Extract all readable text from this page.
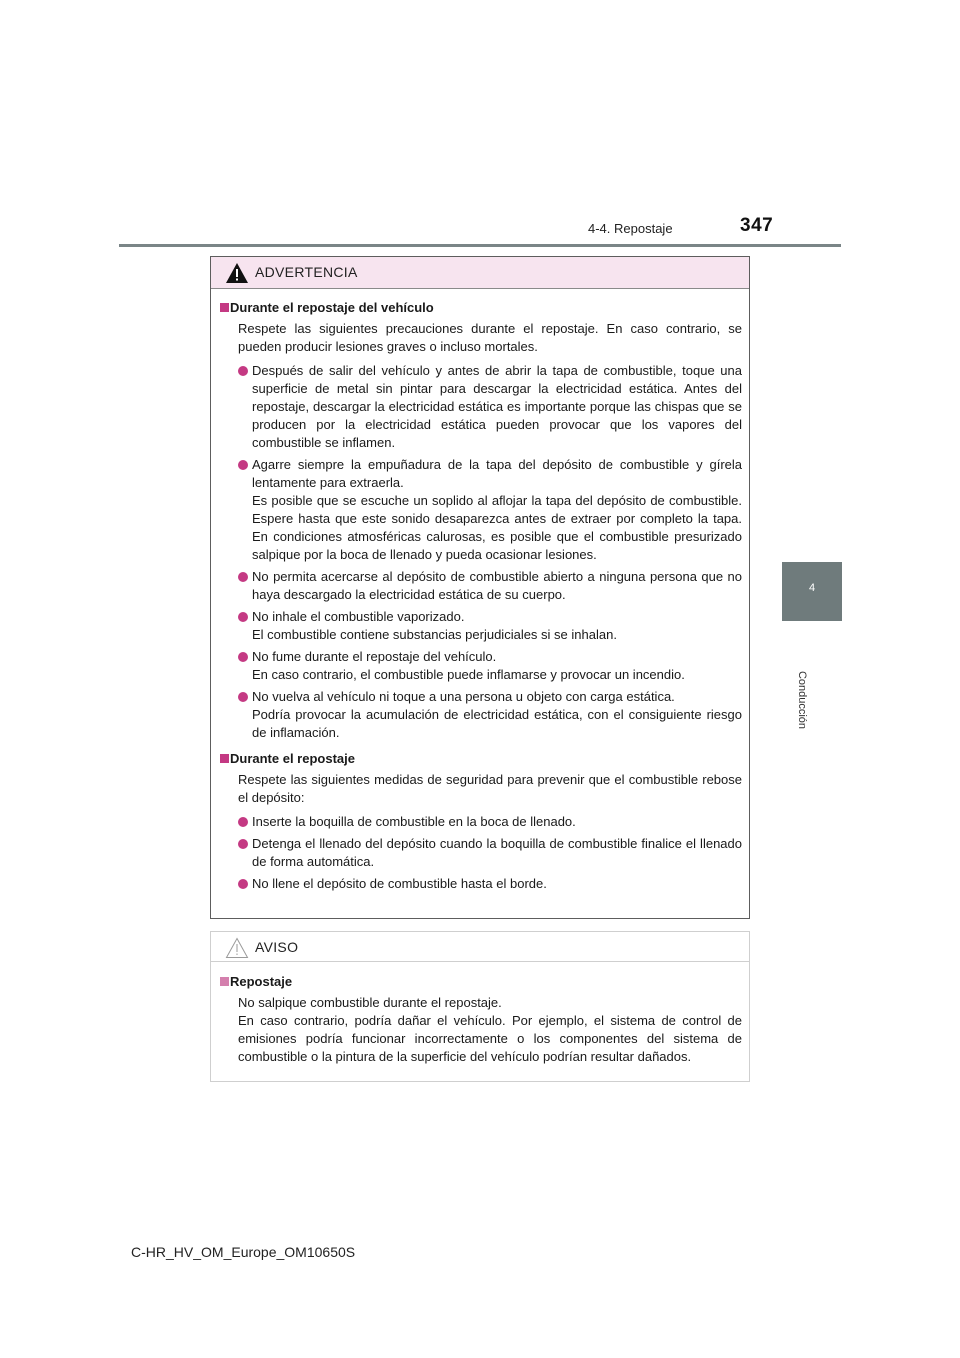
4-4. Repostaje	347
4
Conducción
ADVERTENCIA
Durante el repostaje del vehículo
Respete las siguientes precauciones durante el repostaje. En caso contrario, se pueden producir lesiones graves o incluso mortales.
Después de salir del vehículo y antes de abrir la tapa de combustible, toque una superficie de metal sin pintar para descargar la electricidad estática. Antes del repostaje, descargar la electricidad estática es importante porque las chispas que se producen por la electricidad estática pueden provocar que los vapores del combustible se inflamen.
Agarre siempre la empuñadura de la tapa del depósito de combustible y gírela lentamente para extraerla.
Es posible que se escuche un soplido al aflojar la tapa del depósito de combustible. Espere hasta que este sonido desaparezca antes de extraer por completo la tapa. En condiciones atmosféricas calurosas, es posible que el combustible presurizado salpique por la boca de llenado y pueda ocasionar lesiones.
No permita acercarse al depósito de combustible abierto a ninguna persona que no haya descargado la electricidad estática de su cuerpo.
No inhale el combustible vaporizado.
El combustible contiene substancias perjudiciales si se inhalan.
No fume durante el repostaje del vehículo.
En caso contrario, el combustible puede inflamarse y provocar un incendio.
No vuelva al vehículo ni toque a una persona u objeto con carga estática.
Podría provocar la acumulación de electricidad estática, con el consiguiente riesgo de inflamación.
Durante el repostaje
Respete las siguientes medidas de seguridad para prevenir que el combustible rebose el depósito:
Inserte la boquilla de combustible en la boca de llenado.
Detenga el llenado del depósito cuando la boquilla de combustible finalice el llenado de forma automática.
No llene el depósito de combustible hasta el borde.
AVISO
Repostaje
No salpique combustible durante el repostaje.
En caso contrario, podría dañar el vehículo. Por ejemplo, el sistema de control de emisiones podría funcionar incorrectamente o los componentes del sistema de combustible o la pintura de la superficie del vehículo podrían resultar dañados.
C-HR_HV_OM_Europe_OM10650S
